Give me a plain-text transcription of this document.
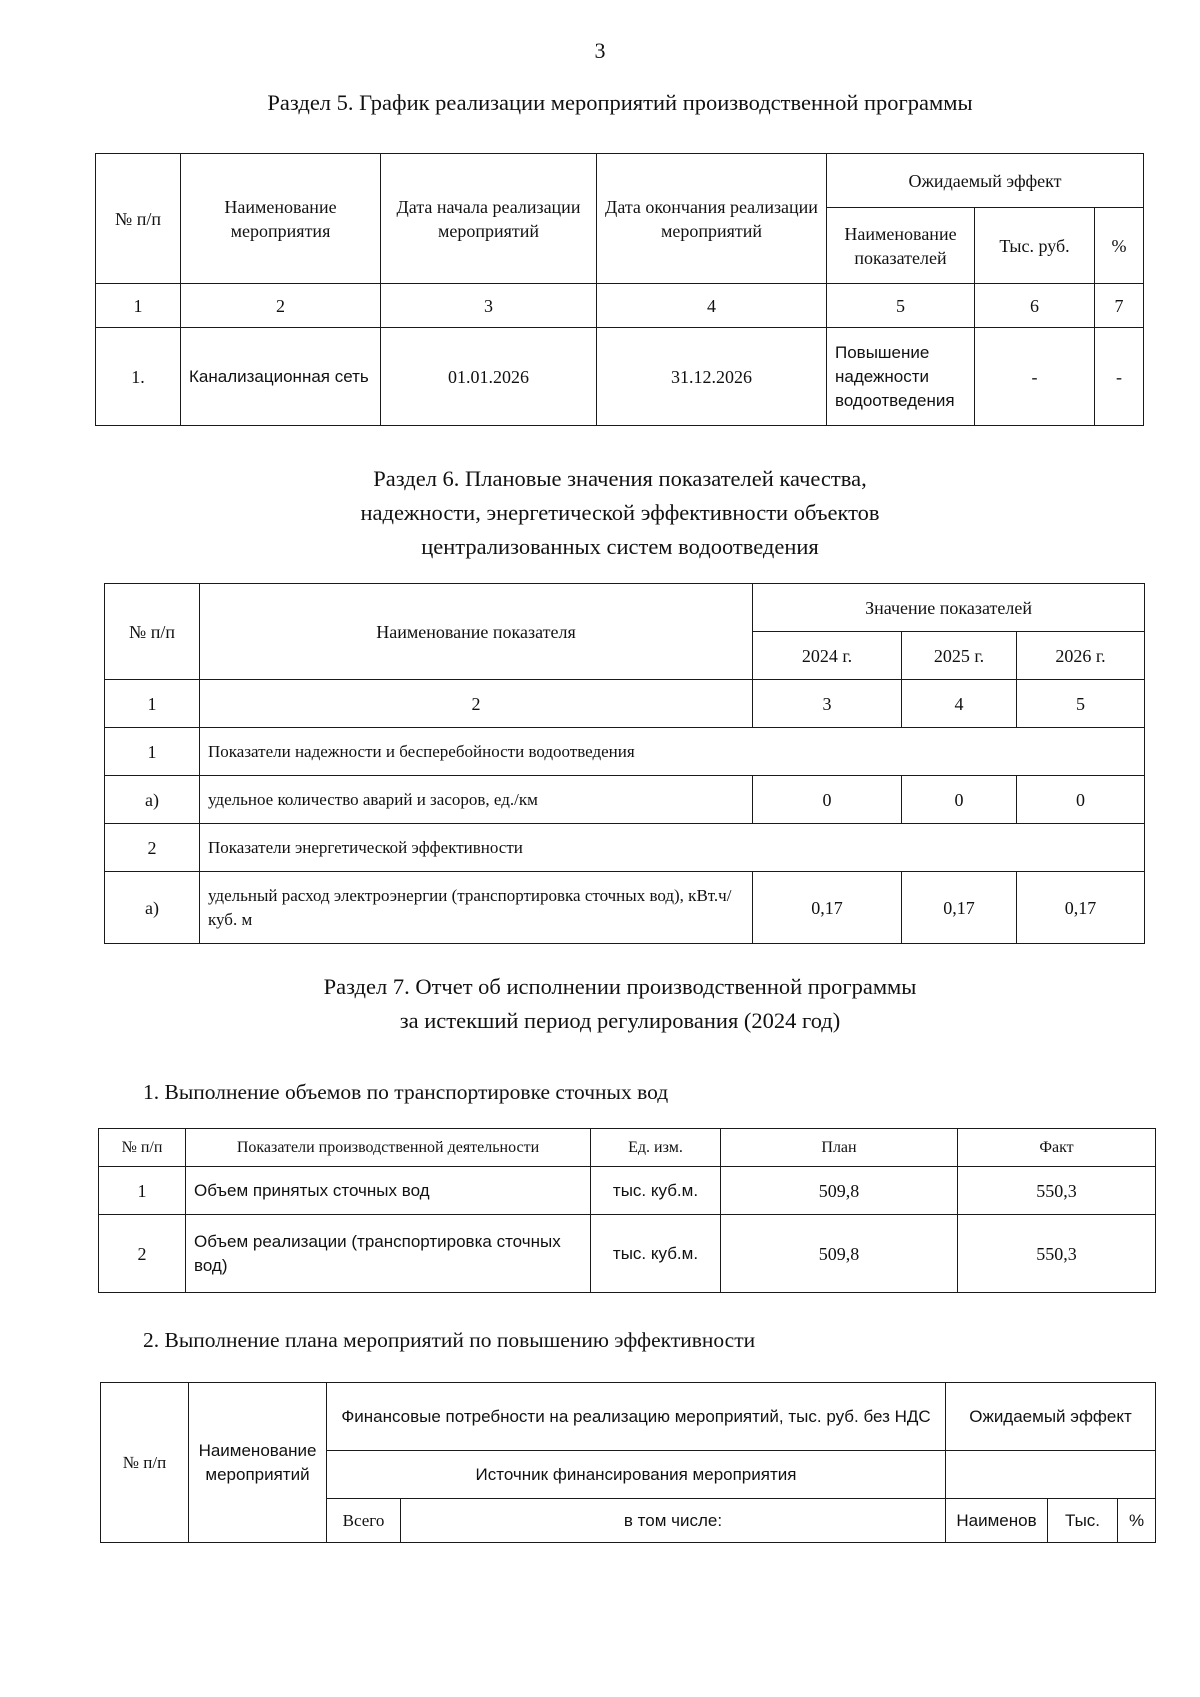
3
Раздел 5. График реализации мероприятий производственной программы
№ п/п	Наименование мероприятия	Дата начала реализации мероприятий	Дата окончания реализации мероприятий	Ожидаемый эффект		
				Наименование показателей	Тыс. руб.	%
1	2	3	4	5	6	7
1.	Канализационная сеть	01.01.2026	31.12.2026	Повышение надежности водоотведения	-	-
Раздел 6. Плановые значения показателей качества,
надежности, энергетической эффективности объектов
централизованных систем водоотведения
№ п/п	Наименование показателя	Значение показателей		
		2024 г.	2025 г.	2026 г.
1	2	3	4	5
1	Показатели надежности и бесперебойности водоотведения			
а)	удельное количество аварий и засоров, ед./км	0	0	0
2	Показатели энергетической эффективности			
а)	удельный расход электроэнергии (транспортировка сточных вод), кВт.ч/куб. м	0,17	0,17	0,17
Раздел 7. Отчет об исполнении производственной программы
за истекший период регулирования (2024 год)
1. Выполнение объемов по транспортировке сточных вод
№ п/п	Показатели производственной деятельности	Ед. изм.	План	Факт
1	Объем принятых сточных вод	тыс. куб.м.	509,8	550,3
2	Объем реализации (транспортировка сточных вод)	тыс. куб.м.	509,8	550,3
2. Выполнение плана мероприятий по повышению эффективности
№ п/п	Наименование мероприятий	Финансовые потребности на реализацию мероприятий, тыс. руб. без НДС		Ожидаемый эффект		
		Источник финансирования мероприятия				
		Всего	в том числе:	Наименов	Тыс.	%
